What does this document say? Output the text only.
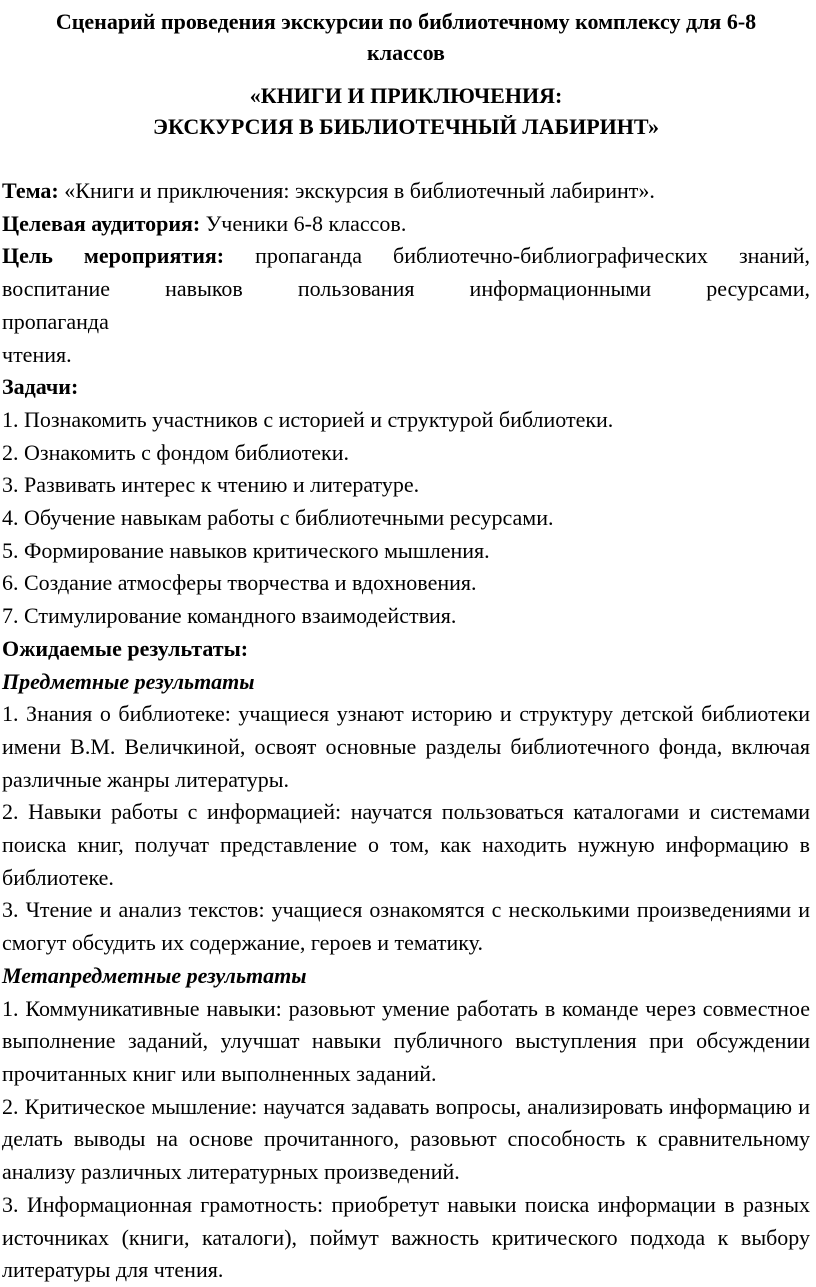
Сценарий проведения экскурсии по библиотечному комплексу для 6-8 классов
«КНИГИ И ПРИКЛЮЧЕНИЯ:
ЭКСКУРСИЯ В БИБЛИОТЕЧНЫЙ ЛАБИРИНТ»

Тема: «Книги и приключения: экскурсия в библиотечный лабиринт».

Целевая аудитория: Ученики 6-8 классов.

Цель мероприятия: пропаганда библиотечно-библиографических знаний,

воспитание навыков пользования информационными ресурсами,

пропаганда

чтения.

Задачи:

1. Познакомить участников с историей и структурой библиотеки.

2. Ознакомить с фондом библиотеки.

3. Развивать интерес к чтению и литературе.

4. Обучение навыкам работы с библиотечными ресурсами.

5. Формирование навыков критического мышления.

6. Создание атмосферы творчества и вдохновения.

7. Стимулирование командного взаимодействия.

Ожидаемые результаты:

Предметные результаты

1. Знания о библиотеке: учащиеся узнают историю и структуру детской библиотеки имени В.М. Величкиной, освоят основные разделы библиотечного фонда, включая различные жанры литературы.

2. Навыки работы с информацией: научатся пользоваться каталогами и системами поиска книг, получат представление о том, как находить нужную информацию в библиотеке.

3. Чтение и анализ текстов: учащиеся ознакомятся с несколькими произведениями и смогут обсудить их содержание, героев и тематику.

Метапредметные результаты

1. Коммуникативные навыки: разовьют умение работать в команде через совместное выполнение заданий, улучшат навыки публичного выступления при обсуждении прочитанных книг или выполненных заданий.

2. Критическое мышление: научатся задавать вопросы, анализировать информацию и делать выводы на основе прочитанного, разовьют способность к сравнительному анализу различных литературных произведений.

3. Информационная грамотность: приобретут навыки поиска информации в разных источниках (книги, каталоги), поймут важность критического подхода к выбору литературы для чтения.
